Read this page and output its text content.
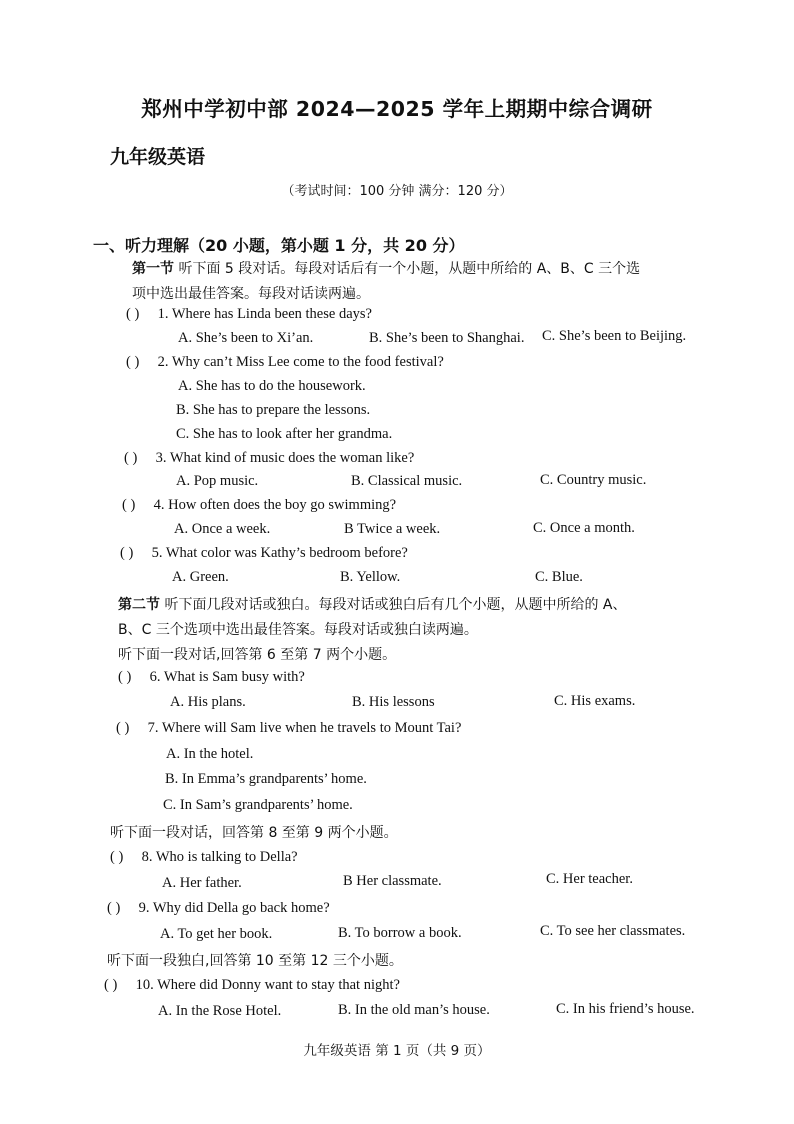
郑州中学初中部 2024—2025 学年上期期中综合调研
九年级英语
（考试时间：100 分钟 满分：120 分）
一、听力理解（20 小题，第小题 1 分，共 20 分）
第一节 听下面 5 段对话。每段对话后有一个小题，从题中所给的 A、B、C 三个选
项中选出最佳答案。每段对话读两遍。
( ) 1. Where has Linda been these days?
A. She’s been to Xi’an.	B. She’s been to Shanghai. C. She’s been to Beijing.
( ) 2. Why can’t Miss Lee come to the food festival?
A. She has to do the housework.
B. She has to prepare the lessons.
C. She has to look after her grandma.
( ) 3. What kind of music does the woman like?
A. Pop music.	B. Classical music.	C. Country music.
( ) 4. How often does the boy go swimming?
A. Once a week.	B Twice a week.	C. Once a month.
( ) 5. What color was Kathy’s bedroom before?
A. Green.	B. Yellow.	C. Blue.
第二节 听下面几段对话或独白。每段对话或独白后有几个小题，从题中所给的 A、
B、C 三个选项中选出最佳答案。每段对话或独白读两遍。
听下面一段对话,回答第 6 至第 7 两个小题。
( ) 6. What is Sam busy with?
A. His plans.	B. His lessons	C. His exams.
( ) 7. Where will Sam live when he travels to Mount Tai?
A. In the hotel.
B. In Emma’s grandparents’ home.
C. In Sam’s grandparents’ home.
听下面一段对话，回答第 8 至第 9 两个小题。
( ) 8. Who is talking to Della?
A. Her father.	B Her classmate.	C. Her teacher.
( ) 9. Why did Della go back home?
A. To get her book.	B. To borrow a book.	C. To see her classmates.
听下面一段独白,回答第 10 至第 12 三个小题。
( ) 10. Where did Donny want to stay that night?
A. In the Rose Hotel.	B. In the old man’s house.	C. In his friend’s house.
九年级英语 第 1 页（共 9 页）
